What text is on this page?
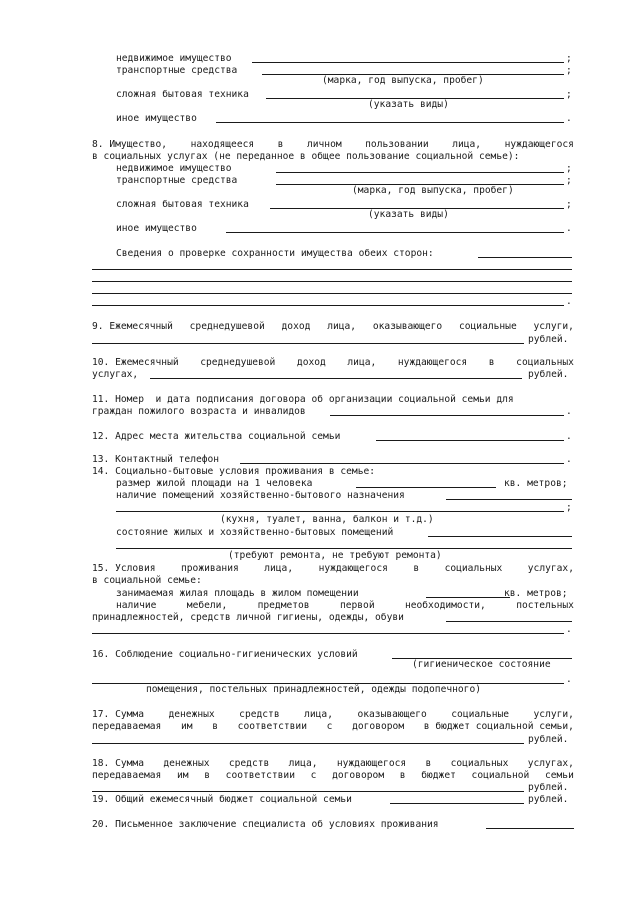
недвижимое имущество	;
транспортные средства	;
(марка, год выпуска, пробег)
сложная бытовая техника	;
(указать виды)
иное имущество	.
8. Имущество, находящееся в личном пользовании лица, нуждающегося
в социальных услугах (не переданное в общее пользование социальной семье):
недвижимое имущество	;
транспортные средства	;
(марка, год выпуска, пробег)
сложная бытовая техника	;
(указать виды)
иное имущество	.
Сведения о проверке сохранности имущества обеих сторон:
.
9. Ежемесячный среднедушевой доход лица, оказывающего социальные услуги,
рублей.
10. Ежемесячный среднедушевой доход лица, нуждающегося в социальных
услугах,	рублей.
11. Номер  и дата подписания договора об организации социальной семьи для
граждан пожилого возраста и инвалидов	.
12. Адрес места жительства социальной семьи	.
13. Контактный телефон	.
14. Социально-бытовые условия проживания в семье:
размер жилой площади на 1 человека	кв. метров;
наличие помещений хозяйственно-бытового назначения
;
(кухня, туалет, ванна, балкон и т.д.)
состояние жилых и хозяйственно-бытовых помещений
(требуют ремонта, не требуют ремонта)
15. Условия	проживания	лица,	нуждающегося	в	социальных	услугах,
в социальной семье:
занимаемая жилая площадь в жилом помещении	кв. метров;
наличие	мебели,	предметов	первой	необходимости,	постельных
принадлежностей, средств личной гигиены, одежды, обуви
.
16. Соблюдение социально-гигиенических условий
(гигиеническое состояние
.
помещения, постельных принадлежностей, одежды подопечного)
17. Сумма	денежных	средств	лица,	оказывающего	социальные	услуги,
передаваемая им в соответствии с договором в бюджет социальной семьи,
рублей.
18. Сумма денежных средств лица, нуждающегося в социальных услугах,
передаваемая им в соответствии с договором в бюджет социальной семьи
рублей.
19. Общий ежемесячный бюджет социальной семьи	рублей.
20. Письменное заключение специалиста об условиях проживания
